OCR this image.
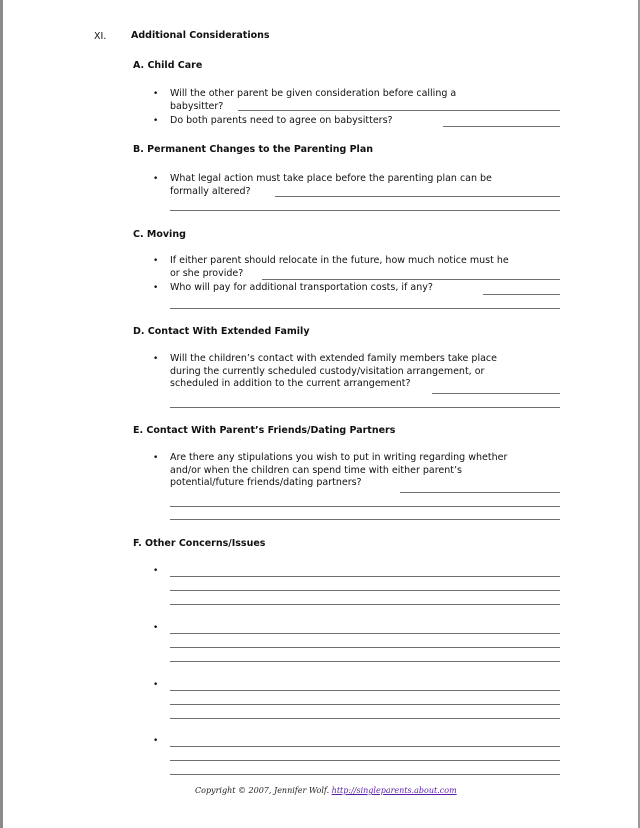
XI.	Additional Considerations
A. Child Care
• Will the other parent be given consideration before calling a
babysitter?
• Do both parents need to agree on babysitters?
B. Permanent Changes to the Parenting Plan
• What legal action must take place before the parenting plan can be
formally altered?
C. Moving
• If either parent should relocate in the future, how much notice must he
or she provide?
• Who will pay for additional transportation costs, if any?
D. Contact With Extended Family
• Will the children’s contact with extended family members take place
during the currently scheduled custody/visitation arrangement, or
scheduled in addition to the current arrangement?
E. Contact With Parent’s Friends/Dating Partners
• Are there any stipulations you wish to put in writing regarding whether
and/or when the children can spend time with either parent’s
potential/future friends/dating partners?
F. Other Concerns/Issues
•
•
•
•
Copyright © 2007, Jennifer Wolf. http://singleparents.about.com
